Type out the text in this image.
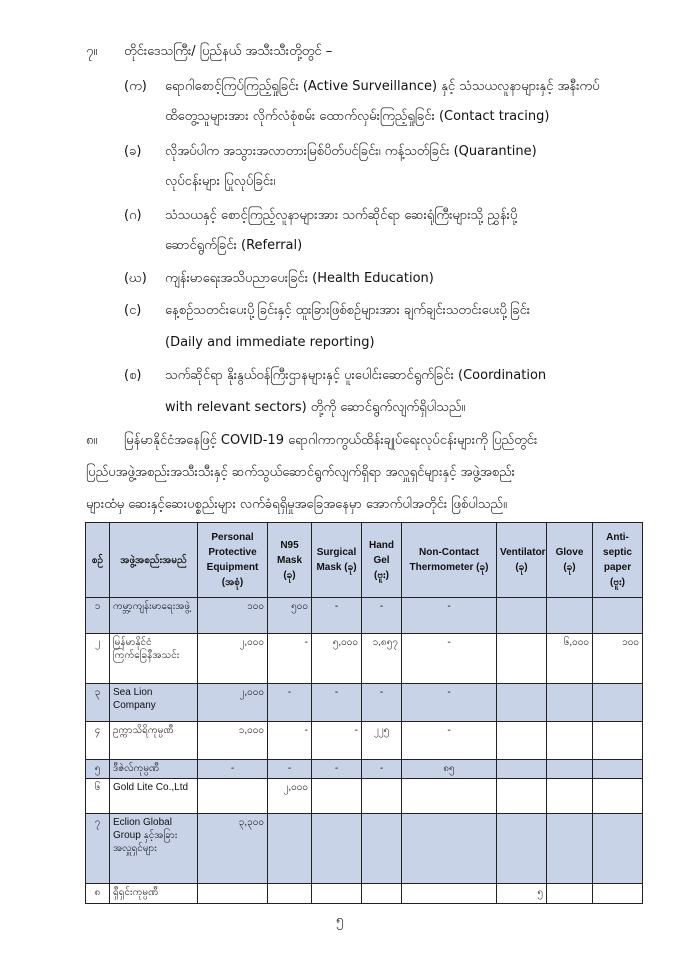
၇။ တိုင်းဒေသကြီး/ ပြည်နယ် အသီးသီးတို့တွင် –
(က) ရောဂါစောင့်ကြပ်ကြည့်ရှုခြင်း (Active Surveillance) နှင့် သံသယလူနာများနှင့် အနီးကပ်
ထိတွေ့သူများအား လိုက်လံစုံစမ်း ထောက်လှမ်းကြည့်ရှုခြင်း (Contact tracing)
(ခ) လိုအပ်ပါက အသွားအလာတားမြစ်ပိတ်ပင်ခြင်း၊ ကန့်သတ်ခြင်း (Quarantine)
လုပ်ငန်းများ ပြုလုပ်ခြင်း၊
(ဂ) သံသယနှင့် စောင့်ကြည့်လူနာများအား သက်ဆိုင်ရာ ဆေးရုံကြီးများသို့ ညွှန်းပို့
ဆောင်ရွက်ခြင်း (Referral)
(ဃ) ကျန်းမာရေးအသိပညာပေးခြင်း (Health Education)
(င) နေ့စဉ်သတင်းပေးပို့ခြင်းနှင့် ထူးခြားဖြစ်စဉ်များအား ချက်ချင်းသတင်းပေးပို့ခြင်း
(Daily and immediate reporting)
(စ) သက်ဆိုင်ရာ နိုးနွယ်ဝန်ကြီးဌာနများနှင့် ပူးပေါင်းဆောင်ရွက်ခြင်း (Coordination
with relevant sectors) တို့ကို ဆောင်ရွက်လျက်ရှိပါသည်။
၈။ မြန်မာနိုင်ငံအနေဖြင့် COVID-19 ရောဂါကာကွယ်ထိန်းချုပ်ရေးလုပ်ငန်းများကို ပြည်တွင်း
ပြည်ပအဖွဲ့အစည်းအသီးသီးနှင့် ဆက်သွယ်ဆောင်ရွက်လျက်ရှိရာ အလှူရှင်များနှင့် အဖွဲ့အစည်း
များထံမှ ဆေးနှင့်ဆေးပစ္စည်းများ လက်ခံရရှိမှုအခြေအနေမှာ အောက်ပါအတိုင်း ဖြစ်ပါသည်။
စဉ်	အဖွဲ့အစည်းအမည်	Personal Protective Equipment (အစုံ)	N95 Mask (ခု)	Surgical Mask (ခု)	Hand Gel (ဗူး)	Non-Contact Thermometer (ခု)	Ventilator (ခု)	Glove (ခု)	Anti-septic paper (ဗူး)
၁	ကမ္ဘာ့ကျန်းမာရေးအဖွဲ့	၁၀၀	၅၀၀	-	-	-			
၂	မြန်မာနိုင်ငံကြက်ခြေနီအသင်း	၂,၀၀၀	-	၅,၀၀၀	၁,၈၅၇	-		၆,၀၀၀	၁၀၀
၃	Sea Lion Company	၂,၀၀၀	-	-	-	-			
၄	ဥက္ကာသိရိကုမ္ပဏီ	၁,၀၀၀	-	-	၂၂၅	-			
၅	ဒီဇဲလ်ကုမ္ပဏီ	-	-	-	-	၈၅			
၆	Gold Lite Co.,Ltd		၂,၀၀၀						
၇	Eclion Global Group နှင့်အခြားအလှူရှင်များ	၃,၃၀၀							
၈	ရှီရှင်းကုမ္ပဏီ						၅		
၅
